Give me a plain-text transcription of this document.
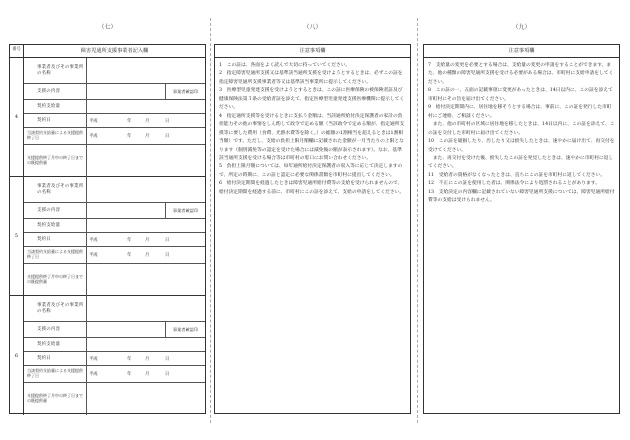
（七）	（八）	（九）
番号	障害児通所支援事業者記入欄
4
事業者及びその事業所の名称
支援の内容	事業者確認印
契約支給量
契約日	平成	年	月	日
当該契約支給量による支援提供終了日	平成	年	月	日
支援提供終了月中の終了日までの既提供量
5
事業者及びその事業所の名称
支援の内容	事業者確認印
契約支給量
契約日	平成	年	月	日
当該契約支給量による支援提供終了日	平成	年	月	日
支援提供終了月中の終了日までの既提供量
6
事業者及びその事業所の名称
支援の内容	事業者確認印
契約支給量
契約日	平成	年	月	日
当該契約支給量による支援提供終了日	平成	年	月	日
支援提供終了月中の終了日までの既提供量
注意事項欄

1　この証は、各面をよく読んで大切に持っていてください。

2　指定障害児通所支援又は基準該当通所支援を受けようとするときは、必ずこの証を指定障害児通所支援事業者等又は基準該当事業所に提示してください。

3　医療型児童発達支援を受けようとするときは、この証に医療保険の被保険者証及び健康保険法第３条の受給者証を添えて、指定医療型児童発達支援医療機関に提示してください。

4　指定通所支援等を受けるときに支払う金額は、当該通所給付決定保護者の家計の負担能力その他の事情をしん酌して政令で定める額（当該政令で定める額が、指定通所支援等に要した費用（食費、光熱水費等を除く。）の総額の1割相当を超えるときは1割相当額）です。ただし、支給の負担上限月額欄に記載された金額が一月当たりの上限となります（個別減免等の認定を受けた場合には減免後の額が表示されます）。なお、基準該当通所支援を受ける場合等は市町村の窓口にお問い合わせください。

5　負担上限月額については、毎年通所給付決定保護者の収入等に応じて決定しますので、所定の時期に、この証と認定に必要な関係書類を市町村に提出してください。

6　給付決定期間を経過したときは障害児通所給付費等の支給を受けられませんので、給付決定期間を経過する前に、市町村にこの証を添えて、支給の申請をしてください。

注意事項欄

7　支給量の変更を必要とする場合は、支給量の変更の申請をすることができます。また、他の種類の障害児通所支援を受ける必要がある場合は、市町村に支給申請をしてください。

8　この証の一、五面の記載事項に変更があったときは、14日以内に、この証を添えて市町村にその旨を届け出てください。

9　給付決定期間内に、居住地を移そうとする場合は、事前に、この証を発行した市町村にご連絡、ご相談ください。

また、他の市町村の区域に居住地を移したときは、14日以内に、この証を添えて、この証を交付した市町村に届け出てください。

10　この証を破損したり、汚したり又は紛失したときは、速やかに届け出て、再交付を受けてください。

また、再交付を受けた後、紛失したこの証を発見したときは、速やかに市町村に返してください。

11　受給者の資格がなくなったときは、直ちにこの証を市町村に返してください。

12　不正にこの証を使用した者は、関係法令により処罰されることがあります。

13　支給決定の内容欄に記載されていない障害児通所支援については、障害児通所給付費等の支給は受けられません。
